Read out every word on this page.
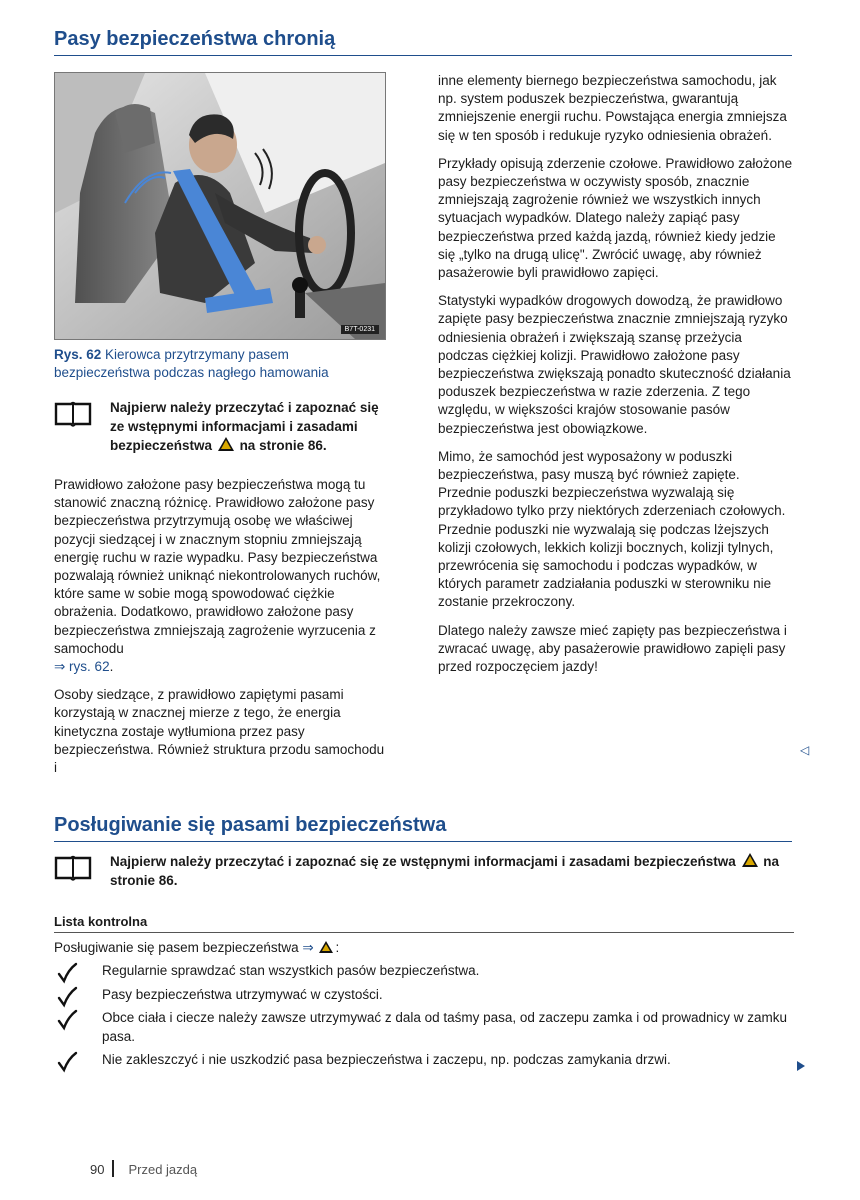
Pasy bezpieczeństwa chronią
B7T-0231
Rys. 62 Kierowca przytrzymany pasem bezpieczeństwa podczas nagłego hamowania
Najpierw należy przeczytać i zapoznać się ze wstępnymi informacjami i zasadami bezpieczeństwa  na stronie 86.

Prawidłowo założone pasy bezpieczeństwa mogą tu stanowić znaczną różnicę. Prawidłowo założone pasy bezpieczeństwa przytrzymują osobę we właściwej pozycji siedzącej i w znacznym stopniu zmniejszają energię ruchu w razie wypadku. Pasy bezpieczeństwa pozwalają również uniknąć niekontrolowanych ruchów, które same w sobie mogą spowodować ciężkie obrażenia. Dodatkowo, prawidłowo założone pasy bezpieczeństwa zmniejszają zagrożenie wyrzucenia z samochodu
⇒ rys. 62.

Osoby siedzące, z prawidłowo zapiętymi pasami korzystają w znacznej mierze z tego, że energia kinetyczna zostaje wytłumiona przez pasy bezpieczeństwa. Również struktura przodu samochodu i

inne elementy biernego bezpieczeństwa samochodu, jak np. system poduszek bezpieczeństwa, gwarantują zmniejszenie energii ruchu. Powstająca energia zmniejsza się w ten sposób i redukuje ryzyko odniesienia obrażeń.

Przykłady opisują zderzenie czołowe. Prawidłowo założone pasy bezpieczeństwa w oczywisty sposób, znacznie zmniejszają zagrożenie również we wszystkich innych sytuacjach wypadków. Dlatego należy zapiąć pasy bezpieczeństwa przed każdą jazdą, również kiedy jedzie się „tylko na drugą ulicę". Zwrócić uwagę, aby również pasażerowie byli prawidłowo zapięci.

Statystyki wypadków drogowych dowodzą, że prawidłowo zapięte pasy bezpieczeństwa znacznie zmniejszają ryzyko odniesienia obrażeń i zwiększają szansę przeżycia podczas ciężkiej kolizji. Prawidłowo założone pasy bezpieczeństwa zwiększają ponadto skuteczność działania poduszek bezpieczeństwa w razie zderzenia. Z tego względu, w większości krajów stosowanie pasów bezpieczeństwa jest obowiązkowe.

Mimo, że samochód jest wyposażony w poduszki bezpieczeństwa, pasy muszą być również zapięte. Przednie poduszki bezpieczeństwa wyzwalają się przykładowo tylko przy niektórych zderzeniach czołowych. Przednie poduszki nie wyzwalają się podczas lżejszych kolizji czołowych, lekkich kolizji bocznych, kolizji tylnych, przewrócenia się samochodu i podczas wypadków, w których parametr zadziałania poduszki w sterowniku nie zostanie przekroczony.

Dlatego należy zawsze mieć zapięty pas bezpieczeństwa i zwracać uwagę, aby pasażerowie prawidłowo zapięli pasy przed rozpoczęciem jazdy!

◁
Posługiwanie się pasami bezpieczeństwa
Najpierw należy przeczytać i zapoznać się ze wstępnymi informacjami i zasadami bezpieczeństwa  na stronie 86.
Lista kontrolna
Posługiwanie się pasem bezpieczeństwa ⇒ :
Regularnie sprawdzać stan wszystkich pasów bezpieczeństwa.
Pasy bezpieczeństwa utrzymywać w czystości.
Obce ciała i ciecze należy zawsze utrzymywać z dala od taśmy pasa, od zaczepu zamka i od prowadnicy w zamku pasa.
Nie zakleszczyć i nie uszkodzić pasa bezpieczeństwa i zaczepu, np. podczas zamykania drzwi.
90 Przed jazdą
